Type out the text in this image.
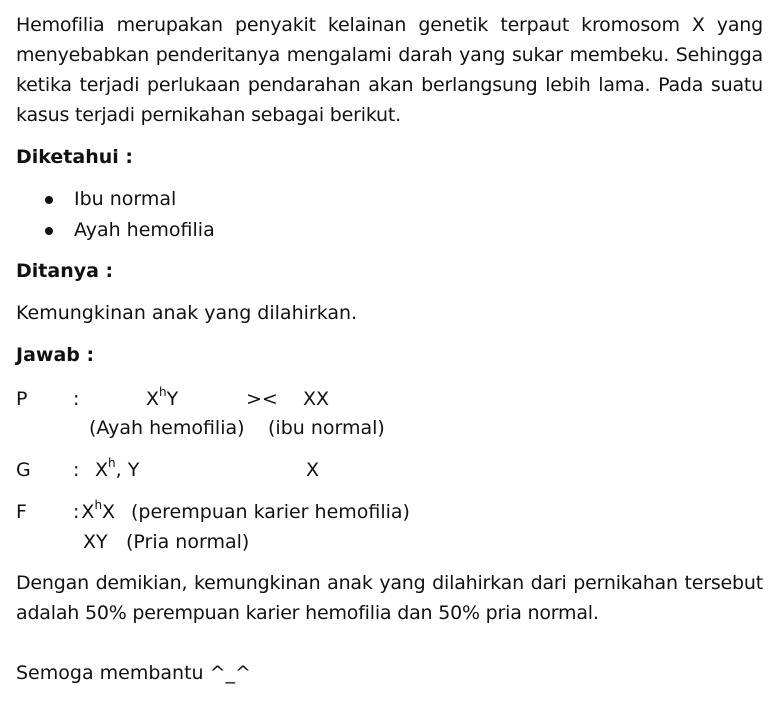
Hemofilia merupakan penyakit kelainan genetik terpaut kromosom X yang menyebabkan penderitanya mengalami darah yang sukar membeku. Sehingga ketika terjadi perlukaan pendarahan akan berlangsung lebih lama. Pada suatu kasus terjadi pernikahan sebagai berikut.

Diketahui :

Ibu normal
Ayah hemofilia

Ditanya :

Kemungkinan anak yang dilahirkan.

Jawab :

P :	$X^hY$	>< XX
(Ayah hemofilia) (ibu normal)
G : $X^h$, Y	X
F : $X^hX$ (perempuan karier hemofilia)
XY (Pria normal)

Dengan demikian, kemungkinan anak yang dilahirkan dari pernikahan tersebut adalah 50% perempuan karier hemofilia dan 50% pria normal.

Semoga membantu ^_^
